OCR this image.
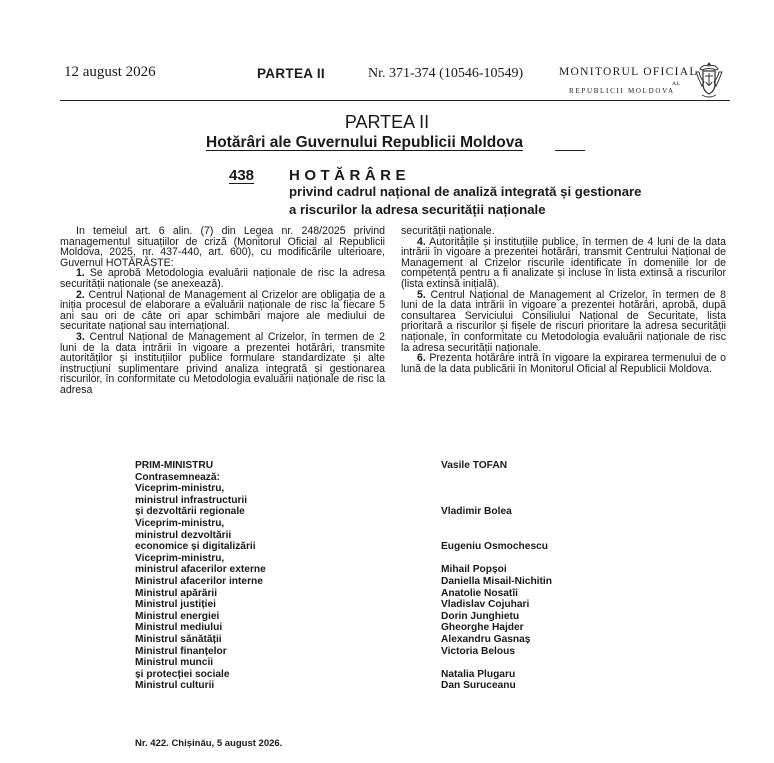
12 august 2026	PARTEA II	Nr. 371-374 (10546-10549)	MONITORUL OFICIAL
AL
REPUBLICII MOLDOVA
PARTEA II
Hotărâri ale Guvernului Republicii Moldova
438 HOTĂRÂRE
privind cadrul național de analiză integrată și gestionare
a riscurilor la adresa securității naționale

În temeiul art. 6 alin. (7) din Legea nr. 248/2025 privind managementul situațiilor de criză (Monitorul Oficial al Republicii Moldova, 2025, nr. 437-440, art. 600), cu modificările ulterioare, Guvernul HOTĂRĂȘTE:

1. Se aprobă Metodologia evaluării naționale de risc la adresa securității naționale (se anexează).

2. Centrul Național de Management al Crizelor are obligația de a iniția procesul de elaborare a evaluării naționale de risc la fiecare 5 ani sau ori de câte ori apar schimbări majore ale mediului de securitate național sau internațional.

3. Centrul Național de Management al Crizelor, în termen de 2 luni de la data intrării în vigoare a prezentei hotărâri, transmite autorităților și instituțiilor publice formulare standardizate și alte instrucțiuni suplimentare privind analiza integrată și gestionarea riscurilor, în conformitate cu Metodologia evaluării naționale de risc la adresa

securității naționale.

4. Autoritățile și instituțiile publice, în termen de 4 luni de la data intrării în vigoare a prezentei hotărâri, transmit Centrului Național de Management al Crizelor riscurile identificate în domeniile lor de competență pentru a fi analizate și incluse în lista extinsă a riscurilor (lista extinsă inițială).

5. Centrul Național de Management al Crizelor, în termen de 8 luni de la data intrării în vigoare a prezentei hotărâri, aprobă, după consultarea Serviciului Consiliului Național de Securitate, lista prioritară a riscurilor și fișele de riscuri prioritare la adresa securității naționale, în conformitate cu Metodologia evaluării naționale de risc la adresa securității naționale.

6. Prezenta hotărâre intră în vigoare la expirarea termenului de o lună de la data publicării în Monitorul Oficial al Republicii Moldova.

PRIM-MINISTRU	Vasile TOFAN
Contrasemnează:
Viceprim-ministru,
ministrul infrastructurii
și dezvoltării regionale	Vladimir Bolea
Viceprim-ministru,
ministrul dezvoltării
economice și digitalizării	Eugeniu Osmochescu
Viceprim-ministru,
ministrul afacerilor externe	Mihail Popșoi
Ministrul afacerilor interne	Daniella Misail-Nichitin
Ministrul apărării	Anatolie Nosatîi
Ministrul justiției	Vladislav Cojuhari
Ministrul energiei	Dorin Junghietu
Ministrul mediului	Gheorghe Hajder
Ministrul sănătății	Alexandru Gasnaș
Ministrul finanțelor	Victoria Belous
Ministrul muncii
și protecției sociale	Natalia Plugaru
Ministrul culturii	Dan Suruceanu
Nr. 422. Chișinău, 5 august 2026.
